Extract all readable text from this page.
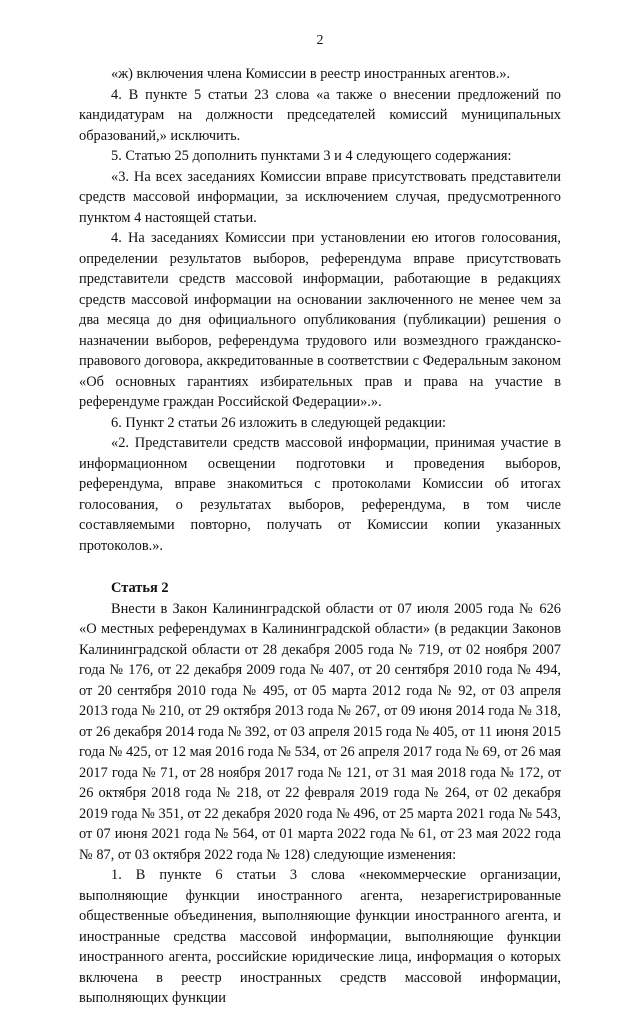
2

«ж) включения члена Комиссии в реестр иностранных агентов.».

4. В пункте 5 статьи 23 слова «а также о внесении предложений по кандидатурам на должности председателей комиссий муниципальных образований,» исключить.

5. Статью 25 дополнить пунктами 3 и 4 следующего содержания:

«3. На всех заседаниях Комиссии вправе присутствовать представители средств массовой информации, за исключением случая, предусмотренного пунктом 4 настоящей статьи.

4. На заседаниях Комиссии при установлении ею итогов голосования, определении результатов выборов, референдума вправе присутствовать представители средств массовой информации, работающие в редакциях средств массовой информации на основании заключенного не менее чем за два месяца до дня официального опубликования (публикации) решения о назначении выборов, референдума трудового или возмездного гражданско-правового договора, аккредитованные в соответствии с Федеральным законом «Об основных гарантиях избирательных прав и права на участие в референдуме граждан Российской Федерации».».

6. Пункт 2 статьи 26 изложить в следующей редакции:

«2. Представители средств массовой информации, принимая участие в информационном освещении подготовки и проведения выборов, референдума, вправе знакомиться с протоколами Комиссии об итогах голосования, о результатах выборов, референдума, в том числе составляемыми повторно, получать от Комиссии копии указанных протоколов.».

Статья 2

Внести в Закон Калининградской области от 07 июля 2005 года № 626 «О местных референдумах в Калининградской области» (в редакции Законов Калининградской области от 28 декабря 2005 года № 719, от 02 ноября 2007 года № 176, от 22 декабря 2009 года № 407, от 20 сентября 2010 года № 494, от 20 сентября 2010 года № 495, от 05 марта 2012 года № 92, от 03 апреля 2013 года № 210, от 29 октября 2013 года № 267, от 09 июня 2014 года № 318, от 26 декабря 2014 года № 392, от 03 апреля 2015 года № 405, от 11 июня 2015 года № 425, от 12 мая 2016 года № 534, от 26 апреля 2017 года № 69, от 26 мая 2017 года № 71, от 28 ноября 2017 года № 121, от 31 мая 2018 года № 172, от 26 октября 2018 года № 218, от 22 февраля 2019 года № 264, от 02 декабря 2019 года № 351, от 22 декабря 2020 года № 496, от 25 марта 2021 года № 543, от 07 июня 2021 года № 564, от 01 марта 2022 года № 61, от 23 мая 2022 года № 87, от 03 октября 2022 года № 128) следующие изменения:

1. В пункте 6 статьи 3 слова «некоммерческие организации, выполняющие функции иностранного агента, незарегистрированные общественные объединения, выполняющие функции иностранного агента, и иностранные средства массовой информации, выполняющие функции иностранного агента, российские юридические лица, информация о которых включена в реестр иностранных средств массовой информации, выполняющих функции
